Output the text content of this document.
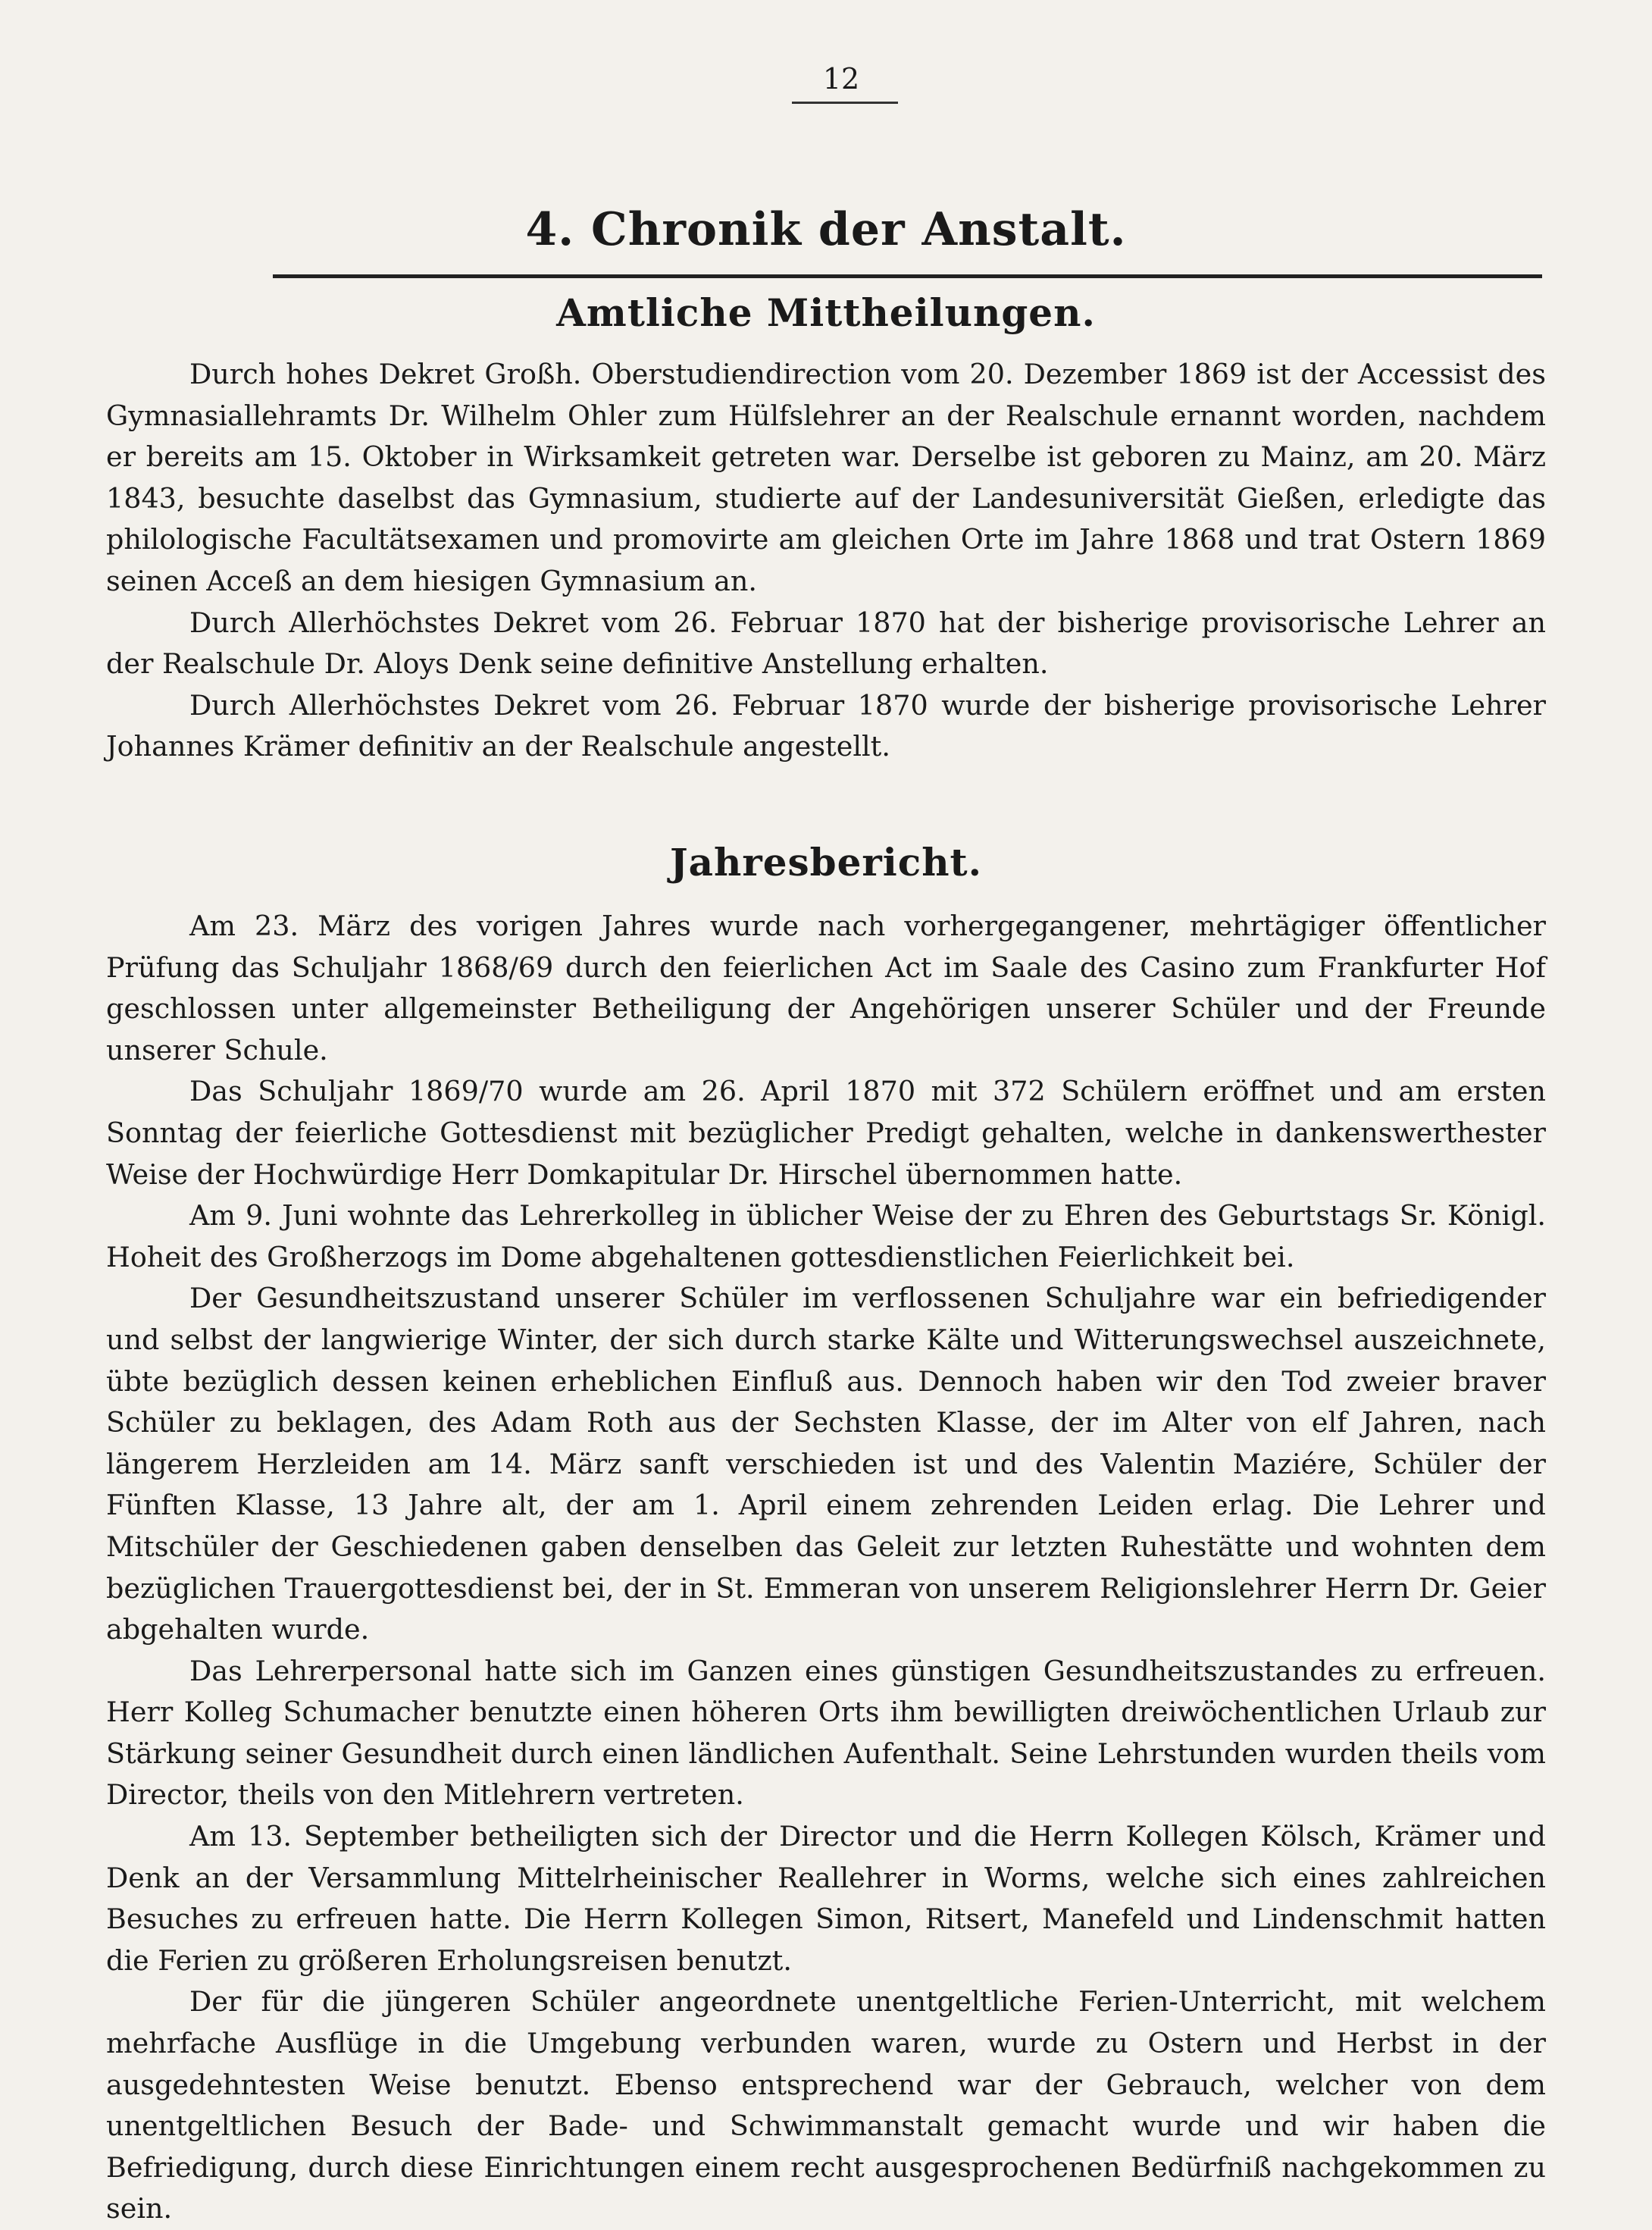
12
4. Chronik der Anstalt.
Amtliche Mittheilungen.

Durch hohes Dekret Großh. Oberstudiendirection vom 20. Dezember 1869 ist der Accessist des Gymnasiallehramts Dr. Wilhelm Ohler zum Hülfslehrer an der Realschule ernannt worden, nachdem er bereits am 15. Oktober in Wirksamkeit getreten war. Derselbe ist geboren zu Mainz, am 20. März 1843, besuchte daselbst das Gymnasium, studierte auf der Landesuniversität Gießen, erledigte das philologische Facultätsexamen und promovirte am gleichen Orte im Jahre 1868 und trat Ostern 1869 seinen Acceß an dem hiesigen Gymnasium an.

Durch Allerhöchstes Dekret vom 26. Februar 1870 hat der bisherige provisorische Lehrer an der Realschule Dr. Aloys Denk seine definitive Anstellung erhalten.

Durch Allerhöchstes Dekret vom 26. Februar 1870 wurde der bisherige provisorische Lehrer Johannes Krämer definitiv an der Realschule angestellt.

Jahresbericht.

Am 23. März des vorigen Jahres wurde nach vorhergegangener, mehrtägiger öffentlicher Prüfung das Schuljahr 1868/69 durch den feierlichen Act im Saale des Casino zum Frankfurter Hof geschlossen unter allgemeinster Betheiligung der Angehörigen unserer Schüler und der Freunde unserer Schule.

Das Schuljahr 1869/70 wurde am 26. April 1870 mit 372 Schülern eröffnet und am ersten Sonntag der feierliche Gottesdienst mit bezüglicher Predigt gehalten, welche in dankenswerthester Weise der Hochwürdige Herr Domkapitular Dr. Hirschel übernommen hatte.

Am 9. Juni wohnte das Lehrerkolleg in üblicher Weise der zu Ehren des Geburtstags Sr. Königl. Hoheit des Großherzogs im Dome abgehaltenen gottesdienstlichen Feierlichkeit bei.

Der Gesundheitszustand unserer Schüler im verflossenen Schuljahre war ein befriedigender und selbst der langwierige Winter, der sich durch starke Kälte und Witterungswechsel auszeichnete, übte bezüglich dessen keinen erheblichen Einfluß aus. Dennoch haben wir den Tod zweier braver Schüler zu beklagen, des Adam Roth aus der Sechsten Klasse, der im Alter von elf Jahren, nach längerem Herzleiden am 14. März sanft verschieden ist und des Valentin Maziére, Schüler der Fünften Klasse, 13 Jahre alt, der am 1. April einem zehrenden Leiden erlag. Die Lehrer und Mitschüler der Geschiedenen gaben denselben das Geleit zur letzten Ruhestätte und wohnten dem bezüglichen Trauergottesdienst bei, der in St. Emmeran von unserem Religionslehrer Herrn Dr. Geier abgehalten wurde.

Das Lehrerpersonal hatte sich im Ganzen eines günstigen Gesundheitszustandes zu erfreuen. Herr Kolleg Schumacher benutzte einen höheren Orts ihm bewilligten dreiwöchentlichen Urlaub zur Stärkung seiner Gesundheit durch einen ländlichen Aufenthalt. Seine Lehrstunden wurden theils vom Director, theils von den Mitlehrern vertreten.

Am 13. September betheiligten sich der Director und die Herrn Kollegen Kölsch, Krämer und Denk an der Versammlung Mittelrheinischer Reallehrer in Worms, welche sich eines zahlreichen Besuches zu erfreuen hatte. Die Herrn Kollegen Simon, Ritsert, Manefeld und Lindenschmit hatten die Ferien zu größeren Erholungsreisen benutzt.

Der für die jüngeren Schüler angeordnete unentgeltliche Ferien-Unterricht, mit welchem mehrfache Ausflüge in die Umgebung verbunden waren, wurde zu Ostern und Herbst in der ausgedehntesten Weise benutzt. Ebenso entsprechend war der Gebrauch, welcher von dem unentgeltlichen Besuch der Bade- und Schwimmanstalt gemacht wurde und wir haben die Befriedigung, durch diese Einrichtungen einem recht ausgesprochenen Bedürfniß nachgekommen zu sein.
